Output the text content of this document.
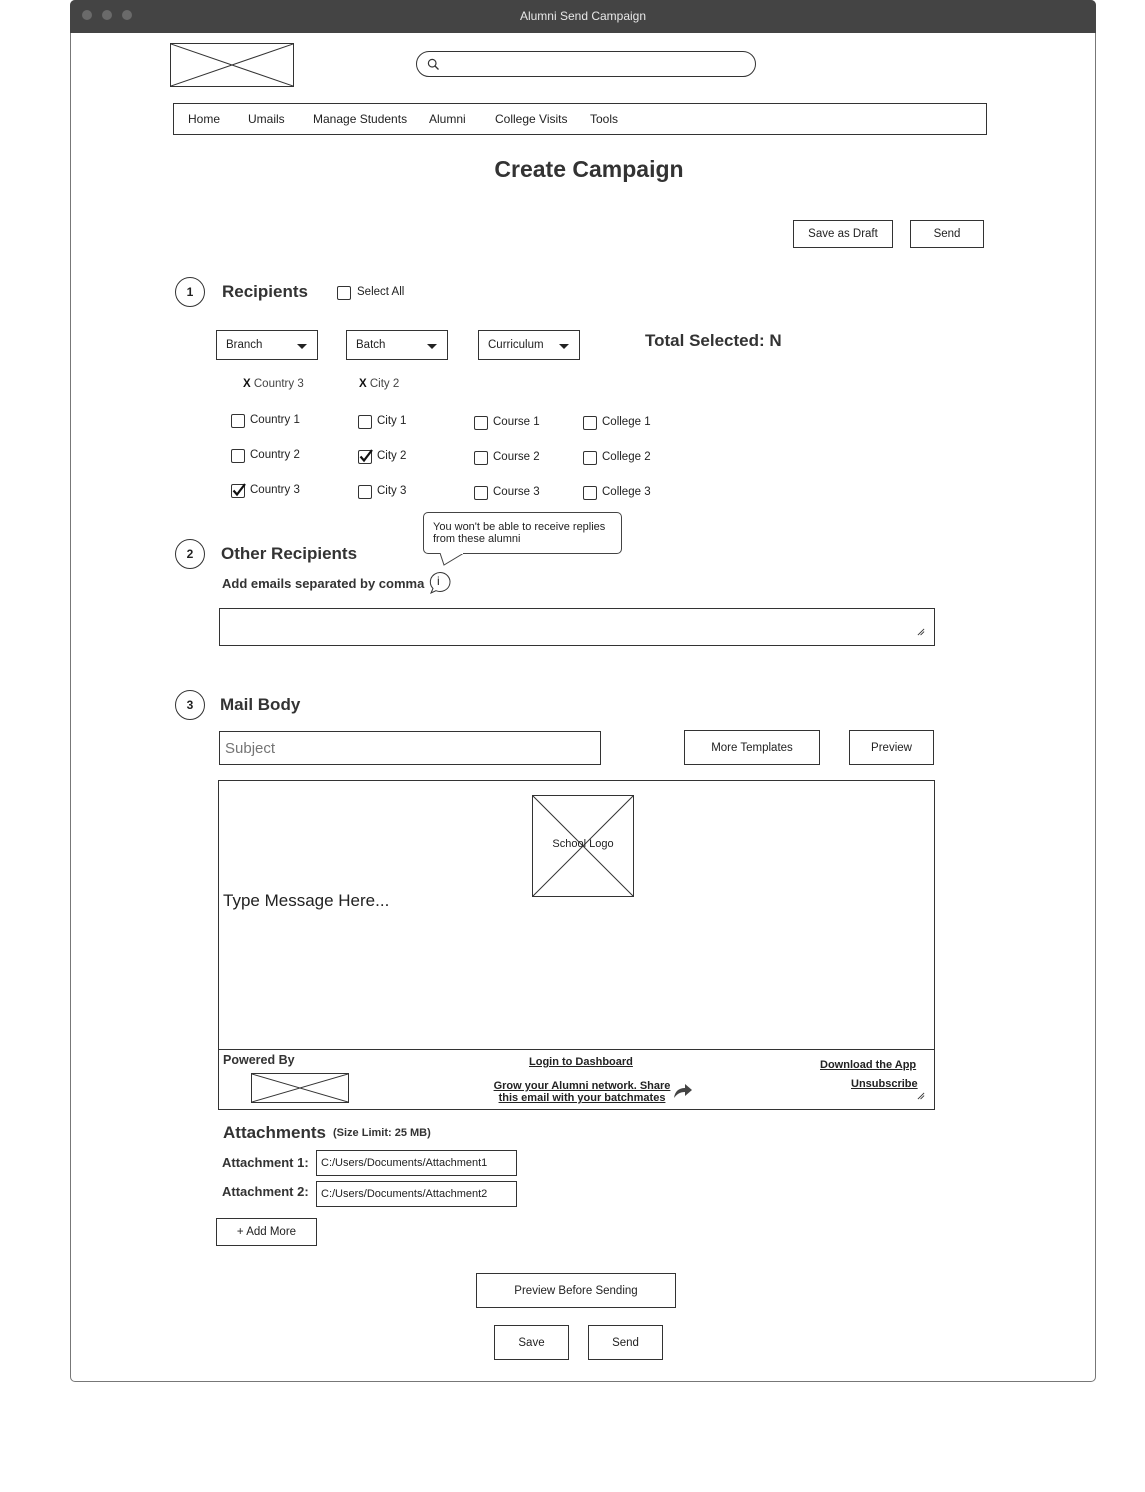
Alumni Send Campaign
Home Umails Manage Students Alumni College Visits Tools
Create Campaign
Save as Draft	Send
1	Recipients	Select All
Branch	Batch	Curriculum	Total Selected: N
X Country 3	X City 2
Country 1
Country 2
Country 3
City 1
City 2
City 3
Course 1
Course 2
Course 3
College 1
College 2
College 3
2	Other Recipients
Add emails separated by comma
You won't be able to receive replies from these alumni
i
3	Mail Body
Subject
More Templates	Preview
School Logo
Type Message Here...
Powered By	Login to Dashboard
Grow your Alumni network. Share
this email with your batchmates
Download the App
Unsubscribe
Attachments (Size Limit: 25 MB)
Attachment 1:	C:/Users/Documents/Attachment1
Attachment 2:	C:/Users/Documents/Attachment2
+ Add More
Preview Before Sending
Save	Send
